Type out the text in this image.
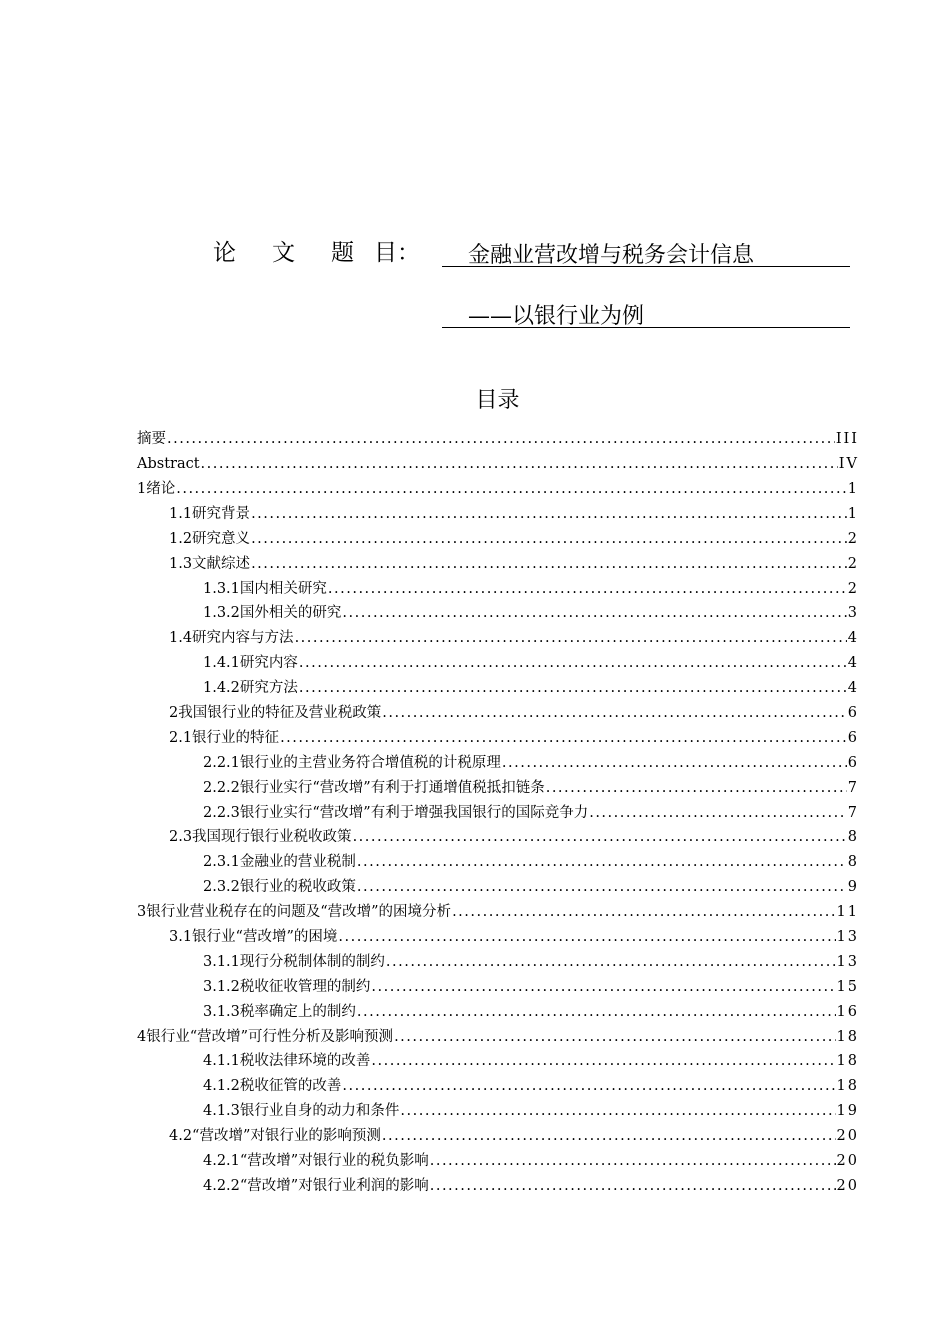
论 文 题 目： 金融业营改增与税务会计信息
——以银行业为例
目录
摘要 .....	III
Abstract .....	IV
1绪论 .....	1
1.1研究背景 .....	1
1.2研究意义 .....	2
1.3文献综述 .....	2
1.3.1国内相关研究 .....	2
1.3.2国外相关的研究 .....	3
1.4研究内容与方法 .....	4
1.4.1研究内容 .....	4
1.4.2研究方法 .....	4
2我国银行业的特征及营业税政策 .....	6
2.1银行业的特征 .....	6
2.2.1银行业的主营业务符合增值税的计税原理 .....	6
2.2.2银行业实行“营改增”有利于打通增值税抵扣链条 .....	7
2.2.3银行业实行“营改增”有利于增强我国银行的国际竞争力 .....	7
2.3我国现行银行业税收政策 .....	8
2.3.1金融业的营业税制 .....	8
2.3.2银行业的税收政策 .....	9
3银行业营业税存在的问题及“营改增”的困境分析 .....	11
3.1银行业“营改增”的困境 .....	13
3.1.1现行分税制体制的制约 .....	13
3.1.2税收征收管理的制约 .....	15
3.1.3税率确定上的制约 .....	16
4银行业“营改增”可行性分析及影响预测 .....	18
4.1.1税收法律环境的改善 .....	18
4.1.2税收征管的改善 .....	18
4.1.3银行业自身的动力和条件 .....	19
4.2“营改增”对银行业的影响预测 .....	20
4.2.1“营改增”对银行业的税负影响 .....	20
4.2.2“营改增”对银行业利润的影响 .....	20
